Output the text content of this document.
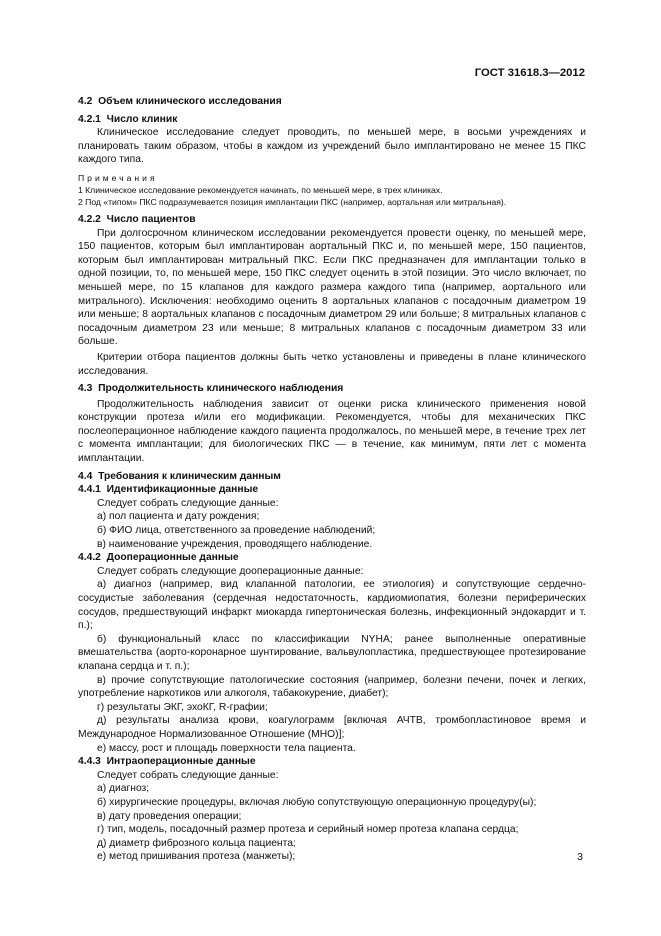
ГОСТ 31618.3—2012

4.2 Объем клинического исследования

4.2.1 Число клиник

Клиническое исследование следует проводить, по меньшей мере, в восьми учреждениях и планировать таким образом, чтобы в каждом из учреждений было имплантировано не менее 15 ПКС каждого типа.

Примечания

1 Клиническое исследование рекомендуется начинать, по меньшей мере, в трех клиниках.

2 Под «типом» ПКС подразумевается позиция имплантации ПКС (например, аортальная или митральная).

4.2.2 Число пациентов

При долгосрочном клиническом исследовании рекомендуется провести оценку, по меньшей мере, 150 пациентов, которым был имплантирован аортальный ПКС и, по меньшей мере, 150 пациентов, которым был имплантирован митральный ПКС. Если ПКС предназначен для имплантации только в одной позиции, то, по меньшей мере, 150 ПКС следует оценить в этой позиции. Это число включает, по меньшей мере, по 15 клапанов для каждого размера каждого типа (например, аортального или митрального). Исключения: необходимо оценить 8 аортальных клапанов с посадочным диаметром 19 или меньше; 8 аортальных клапанов с посадочным диаметром 29 или больше; 8 митральных клапанов с посадочным диаметром 23 или меньше; 8 митральных клапанов с посадочным диаметром 33 или больше.

Критерии отбора пациентов должны быть четко установлены и приведены в плане клинического исследования.

4.3 Продолжительность клинического наблюдения

Продолжительность наблюдения зависит от оценки риска клинического применения новой конструкции протеза и/или его модификации. Рекомендуется, чтобы для механических ПКС послеоперационное наблюдение каждого пациента продолжалось, по меньшей мере, в течение трех лет с момента имплантации; для биологических ПКС — в течение, как минимум, пяти лет с момента имплантации.

4.4 Требования к клиническим данным

4.4.1 Идентификационные данные

Следует собрать следующие данные:

а) пол пациента и дату рождения;

б) ФИО лица, ответственного за проведение наблюдений;

в) наименование учреждения, проводящего наблюдение.

4.4.2 Дооперационные данные

Следует собрать следующие дооперационные данные:

а) диагноз (например, вид клапанной патологии, ее этиология) и сопутствующие сердечно-сосудистые заболевания (сердечная недостаточность, кардиомиопатия, болезни периферических сосудов, предшествующий инфаркт миокарда гипертоническая болезнь, инфекционный эндокардит и т. п.);

б) функциональный класс по классификации NYHA; ранее выполненные оперативные вмешательства (аорто-коронарное шунтирование, вальвулопластика, предшествующее протезирование клапана сердца и т. п.);

в) прочие сопутствующие патологические состояния (например, болезни печени, почек и легких, употребление наркотиков или алкоголя, табакокурение, диабет);

г) результаты ЭКГ, эхоКГ, R-графии;

д) результаты анализа крови, коагулограмм [включая АЧТВ, тромбопластиновое время и Международное Нормализованное Отношение (МНО)];

е) массу, рост и площадь поверхности тела пациента.

4.4.3 Интраоперационные данные

Следует собрать следующие данные:

а) диагноз;

б) хирургические процедуры, включая любую сопутствующую операционную процедуру(ы);

в) дату проведения операции;

г) тип, модель, посадочный размер протеза и серийный номер протеза клапана сердца;

д) диаметр фиброзного кольца пациента;

е) метод пришивания протеза (манжеты);	3
